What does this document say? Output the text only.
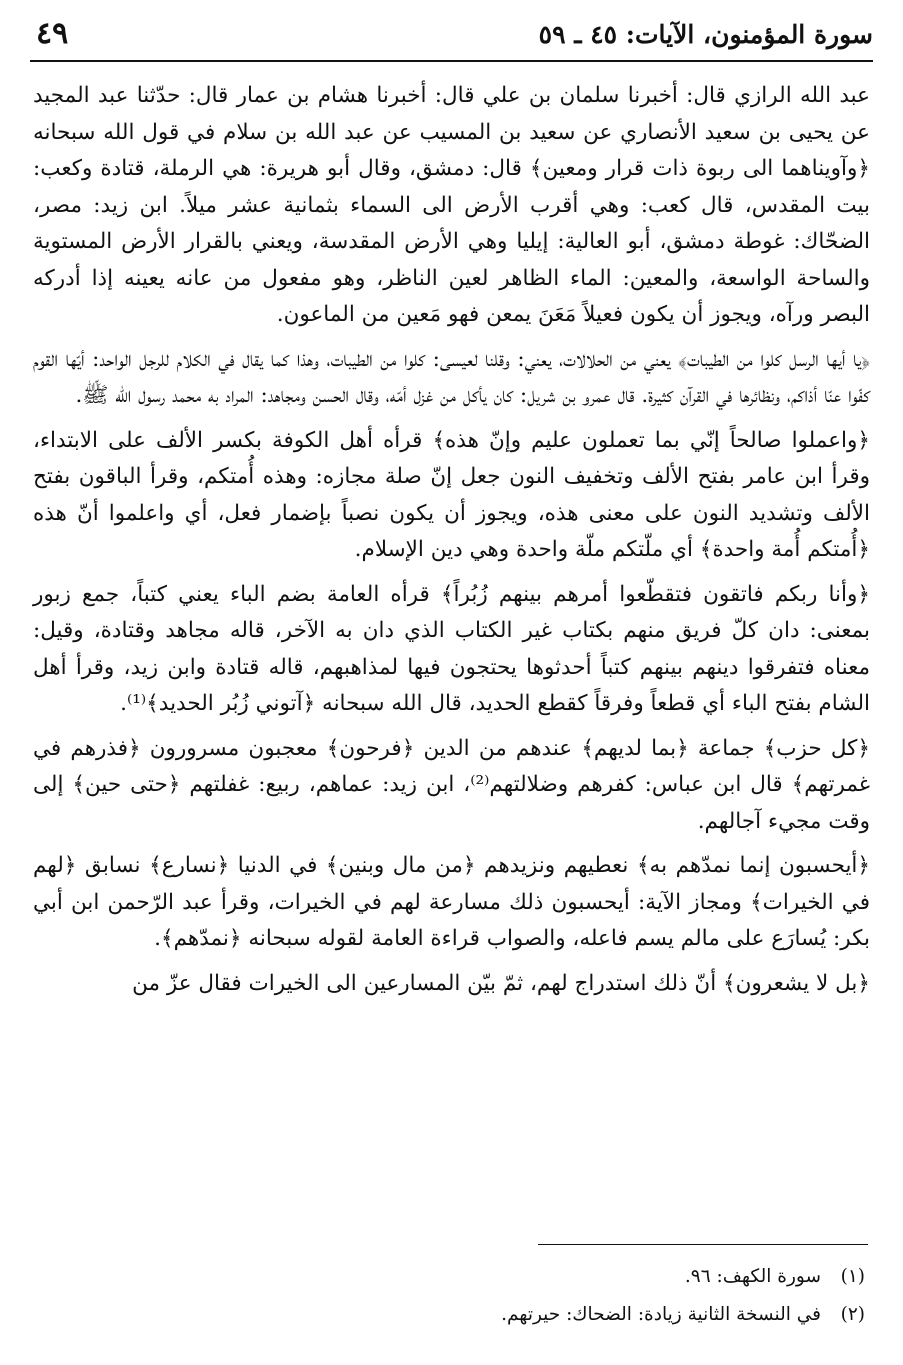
سورة المؤمنون، الآيات: ٤٥ ـ ٥٩
٤٩

عبد الله الرازي قال: أخبرنا سلمان بن علي قال: أخبرنا هشام بن عمار قال: حدّثنا عبد المجيد عن يحيى بن سعيد الأنصاري عن سعيد بن المسيب عن عبد الله بن سلام في قول الله سبحانه ﴿وآويناهما الى ربوة ذات قرار ومعين﴾ قال: دمشق، وقال أبو هريرة: هي الرملة، قتادة وكعب: بيت المقدس، قال كعب: وهي أقرب الأرض الى السماء بثمانية عشر ميلاً. ابن زيد: مصر، الضحّاك: غوطة دمشق، أبو العالية: إيليا وهي الأرض المقدسة، ويعني بالقرار الأرض المستوية والساحة الواسعة، والمعين: الماء الظاهر لعين الناظر، وهو مفعول من عانه يعينه إذا أدركه البصر ورآه، ويجوز أن يكون فعيلاً مَعَنَ يمعن فهو مَعين من الماعون.

﴿يا أيها الرسل كلوا من الطيبات﴾ يعني من الحلالات، يعني: وقلنا لعيسى: كلوا من الطيبات، وهذا كما يقال في الكلام للرجل الواحد: أيّها القوم كفّوا عنّا أذاكم، ونظائرها في القرآن كثيرة. قال عمرو بن شريل: كان يأكل من غزل أمّه، وقال الحسن ومجاهد: المراد به محمد رسول الله ﷺ.

﴿واعملوا صالحاً إنّي بما تعملون عليم وإنّ هذه﴾ قرأه أهل الكوفة بكسر الألف على الابتداء، وقرأ ابن عامر بفتح الألف وتخفيف النون جعل إنّ صلة مجازه: وهذه أُمتكم، وقرأ الباقون بفتح الألف وتشديد النون على معنى هذه، ويجوز أن يكون نصباً بإضمار فعل، أي واعلموا أنّ هذه ﴿أُمتكم أُمة واحدة﴾ أي ملّتكم ملّة واحدة وهي دين الإسلام.

﴿وأنا ربكم فاتقون فتقطّعوا أمرهم بينهم زُبُراً﴾ قرأه العامة بضم الباء يعني كتباً، جمع زبور بمعنى: دان كلّ فريق منهم بكتاب غير الكتاب الذي دان به الآخر، قاله مجاهد وقتادة، وقيل: معناه فتفرقوا دينهم بينهم كتباً أحدثوها يحتجون فيها لمذاهبهم، قاله قتادة وابن زيد، وقرأ أهل الشام بفتح الباء أي قطعاً وفرقاً كقطع الحديد، قال الله سبحانه ﴿آتوني زُبُر الحديد﴾⁽¹⁾.

﴿كل حزب﴾ جماعة ﴿بما لديهم﴾ عندهم من الدين ﴿فرحون﴾ معجبون مسرورون ﴿فذرهم في غمرتهم﴾ قال ابن عباس: كفرهم وضلالتهم⁽²⁾، ابن زيد: عماهم، ربيع: غفلتهم ﴿حتى حين﴾ إلى وقت مجيء آجالهم.

﴿أيحسبون إنما نمدّهم به﴾ نعطيهم ونزيدهم ﴿من مال وبنين﴾ في الدنيا ﴿نسارع﴾ نسابق ﴿لهم في الخيرات﴾ ومجاز الآية: أيحسبون ذلك مسارعة لهم في الخيرات، وقرأ عبد الرّحمن ابن أبي بكر: يُسارَع على مالم يسم فاعله، والصواب قراءة العامة لقوله سبحانه ﴿نمدّهم﴾.

﴿بل لا يشعرون﴾ أنّ ذلك استدراج لهم، ثمّ بيّن المسارعين الى الخيرات فقال عزّ من

(١)
سورة الكهف: ٩٦.
(٢)
في النسخة الثانية زيادة: الضحاك: حيرتهم.
